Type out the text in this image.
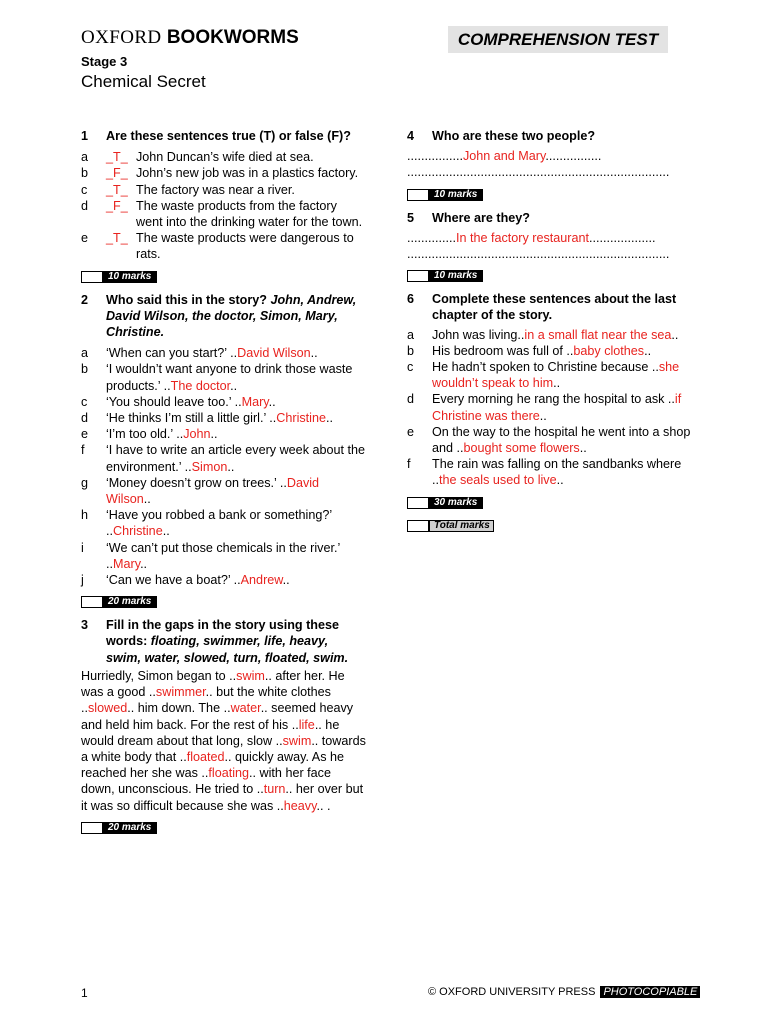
OXFORD BOOKWORMS	COMPREHENSION TEST
Stage 3
Chemical Secret
1	Are these sentences true (T) or false (F)?
a	_T_ John Duncan’s wife died at sea.
b	_F_ John’s new job was in a plastics factory.
c	_T_ The factory was near a river.
d	_F_ The waste products from the factory went into the drinking water for the town.
e	_T_ The waste products were dangerous to rats.
10 marks
2	Who said this in the story? John, Andrew, David Wilson, the doctor, Simon, Mary, Christine.
a	‘When can you start?’ ..David Wilson..
b	‘I wouldn’t want anyone to drink those waste products.’ ..The doctor..
c	‘You should leave too.’ ..Mary..
d	‘He thinks I’m still a little girl.’ ..Christine..
e	‘I’m too old.’ ..John..
f	‘I have to write an article every week about the environment.’ ..Simon..
g	‘Money doesn’t grow on trees.’ ..David Wilson..
h	‘Have you robbed a bank or something?’ ..Christine..
i	‘We can’t put those chemicals in the river.’ ..Mary..
j	‘Can we have a boat?’ ..Andrew..
20 marks
3	Fill in the gaps in the story using these words: floating, swimmer, life, heavy, swim, water, slowed, turn, floated, swim.
Hurriedly, Simon began to ..swim.. after her. He was a good ..swimmer.. but the white clothes ..slowed.. him down. The ..water.. seemed heavy and held him back. For the rest of his ..life.. he would dream about that long, slow ..swim.. towards a white body that ..floated.. quickly away. As he reached her she was ..floating.. with her face down, unconscious. He tried to ..turn.. her over but it was so difficult because she was ..heavy.. .
20 marks
4	Who are these two people?
................John and Mary................
...........................................................................
10 marks
5	Where are they?
..............In the factory restaurant...................
...........................................................................
10 marks
6	Complete these sentences about the last chapter of the story.
a	John was living..in a small flat near the sea..
b	His bedroom was full of ..baby clothes..
c	He hadn’t spoken to Christine because ..she wouldn’t speak to him..
d	Every morning he rang the hospital to ask ..if Christine was there..
e	On the way to the hospital he went into a shop and ..bought some flowers..
f	The rain was falling on the sandbanks where ..the seals used to live..
30 marks
Total marks
1	© OXFORD UNIVERSITY PRESS PHOTOCOPIABLE
